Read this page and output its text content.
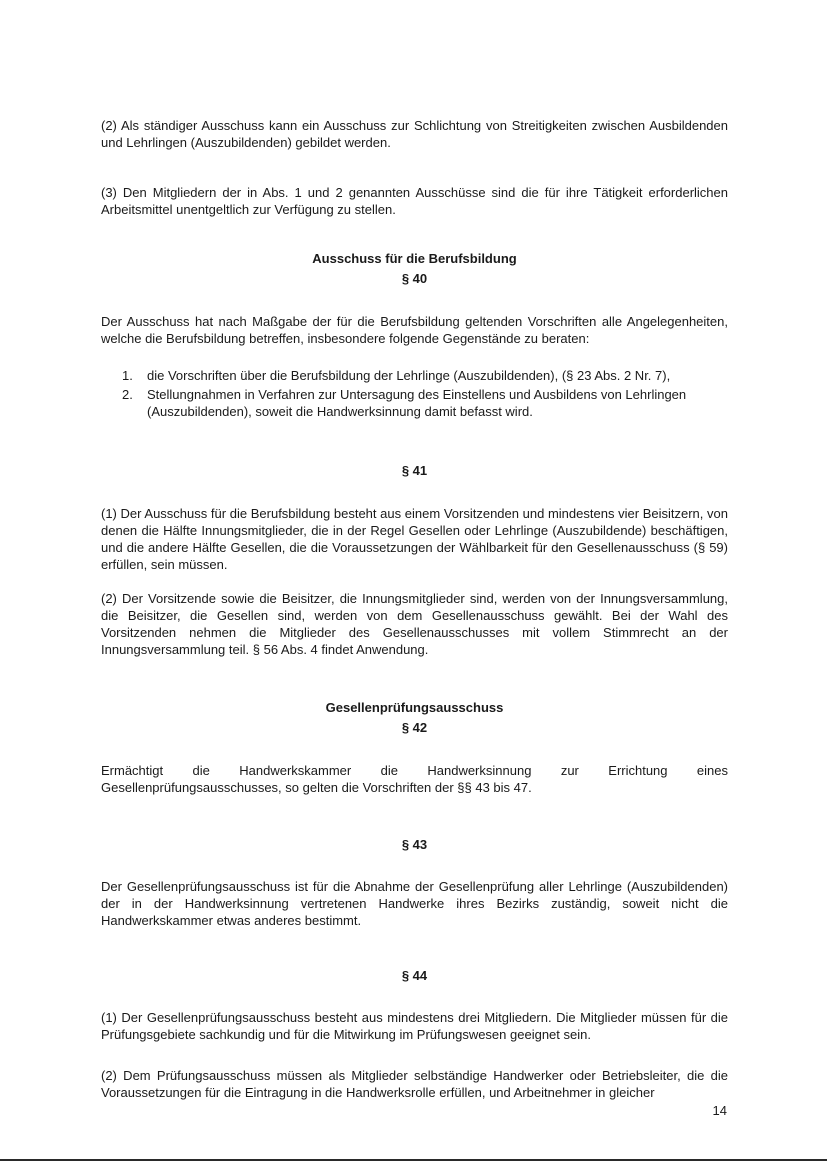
(2) Als ständiger Ausschuss kann ein Ausschuss zur Schlichtung von Streitigkeiten zwischen Ausbildenden und Lehrlingen (Auszubildenden) gebildet werden.

(3) Den Mitgliedern der in Abs. 1 und 2 genannten Ausschüsse sind die für ihre Tätigkeit erforderlichen Arbeitsmittel unentgeltlich zur Verfügung zu stellen.

Ausschuss für die Berufsbildung

§ 40

Der Ausschuss hat nach Maßgabe der für die Berufsbildung geltenden Vorschriften alle Angelegenheiten, welche die Berufsbildung betreffen, insbesondere folgende Gegenstände zu beraten:

1. die Vorschriften über die Berufsbildung der Lehrlinge (Auszubildenden), (§ 23 Abs. 2 Nr. 7),
2. Stellungnahmen in Verfahren zur Untersagung des Einstellens und Ausbildens von Lehrlingen (Auszubildenden), soweit die Handwerksinnung damit befasst wird.

§ 41

(1) Der Ausschuss für die Berufsbildung besteht aus einem Vorsitzenden und mindestens vier Beisitzern, von denen die Hälfte Innungsmitglieder, die in der Regel Gesellen oder Lehrlinge (Auszubildende) beschäftigen, und die andere Hälfte Gesellen, die die Voraussetzungen der Wählbarkeit für den Gesellenausschuss (§ 59) erfüllen, sein müssen.

(2) Der Vorsitzende sowie die Beisitzer, die Innungsmitglieder sind, werden von der Innungsversammlung, die Beisitzer, die Gesellen sind, werden von dem Gesellenausschuss gewählt. Bei der Wahl des Vorsitzenden nehmen die Mitglieder des Gesellenausschusses mit vollem Stimmrecht an der Innungsversammlung teil. § 56 Abs. 4 findet Anwendung.

Gesellenprüfungsausschuss

§ 42

Ermächtigt die Handwerkskammer die Handwerksinnung zur Errichtung eines Gesellenprüfungsausschusses, so gelten die Vorschriften der §§ 43 bis 47.

§ 43

Der Gesellenprüfungsausschuss ist für die Abnahme der Gesellenprüfung aller Lehrlinge (Auszubildenden) der in der Handwerksinnung vertretenen Handwerke ihres Bezirks zuständig, soweit nicht die Handwerkskammer etwas anderes bestimmt.

§ 44

(1) Der Gesellenprüfungsausschuss besteht aus mindestens drei Mitgliedern. Die Mitglieder müssen für die Prüfungsgebiete sachkundig und für die Mitwirkung im Prüfungswesen geeignet sein.

(2) Dem Prüfungsausschuss müssen als Mitglieder selbständige Handwerker oder Betriebsleiter, die die Voraussetzungen für die Eintragung in die Handwerksrolle erfüllen, und Arbeitnehmer in gleicher

14
